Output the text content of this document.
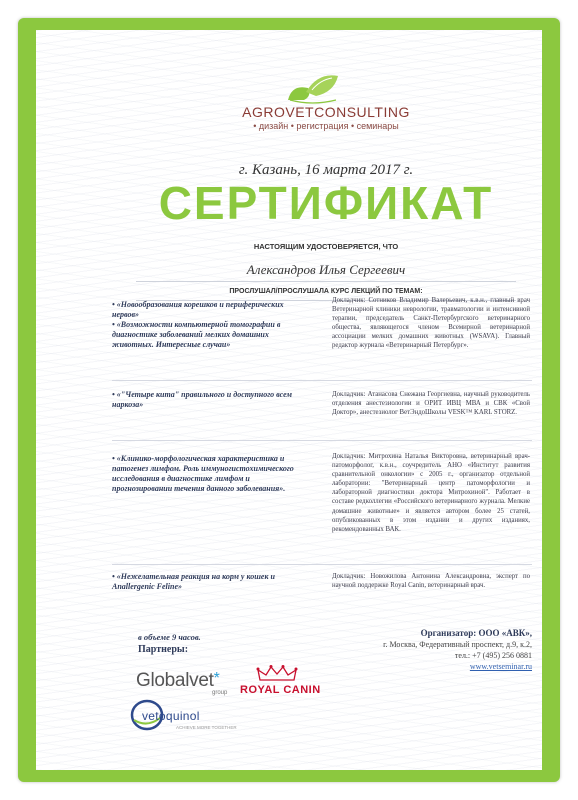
AGROVETCONSULTING
• дизайн • регистрация • семинары
г. Казань, 16 марта 2017 г.
СЕРТИФИКАТ
НАСТОЯЩИМ УДОСТОВЕРЯЕТСЯ, ЧТО
Александров Илья Сергеевич
ПРОСЛУШАЛ/ПРОСЛУШАЛА КУРС ЛЕКЦИЙ ПО ТЕМАМ:
• «Новообразования корешков и периферических нервов»
• «Возможности компьютерной томографии в диагностике заболеваний мелких домашних животных. Интересные случаи»
Докладчик: Сотников Владимир Валерьевич, к.в.н., главный врач Ветеринарной клиники неврологии, травматологии и интенсивной терапии, председатель Санкт-Петербургского ветеринарного общества, являющегося членом Всемирной ветеринарной ассоциации мелких домашних животных (WSAVA). Главный редактор журнала «Ветеринарный Петербург».
• «"Четыре кита" правильного и доступного всем наркоза»
Докладчик: Атанасова Снежана Георгиевна, научный руководитель отделения анестезиологии и ОРИТ ИВЦ МВА и СВК «Свой Доктор», анестезиолог ВетЭндоШколы VESK™ KARL STORZ.
• «Клинико-морфологическая характеристика и патогенез лимфом. Роль иммуногистохимического исследования в диагностике лимфом и прогнозировании течения данного заболевания».
Докладчик: Митрохина Наталья Викторовна, ветеринарный врач-патоморфолог, к.в.н., соучредитель АНО «Институт развития сравнительной онкологии» с 2005 г., организатор отдельной лаборатории: "Ветеринарный центр патоморфологии и лабораторной диагностики доктора Митрохиной". Работает в составе редколлегии «Российского ветеринарного журнала. Мелкие домашние животные» и является автором более 25 статей, опубликованных в этом издании и других изданиях, рекомендованных ВАК.
• «Нежелательная реакция на корм у кошек и Anallergenic Feline»
Докладчик: Новожилова Антонина Александровна, эксперт по научной поддержке Royal Canin, ветеринарный врач.
в объеме 9 часов.
Партнеры:
Организатор: ООО «АВК»,
г. Москва, Федеративный проспект, д.9, к.2,
тел.: +7 (495) 256 0881
www.vetseminar.ru
Globalvet*
group ROYAL CANIN
vetoquinol
ACHIEVE MORE TOGETHER
